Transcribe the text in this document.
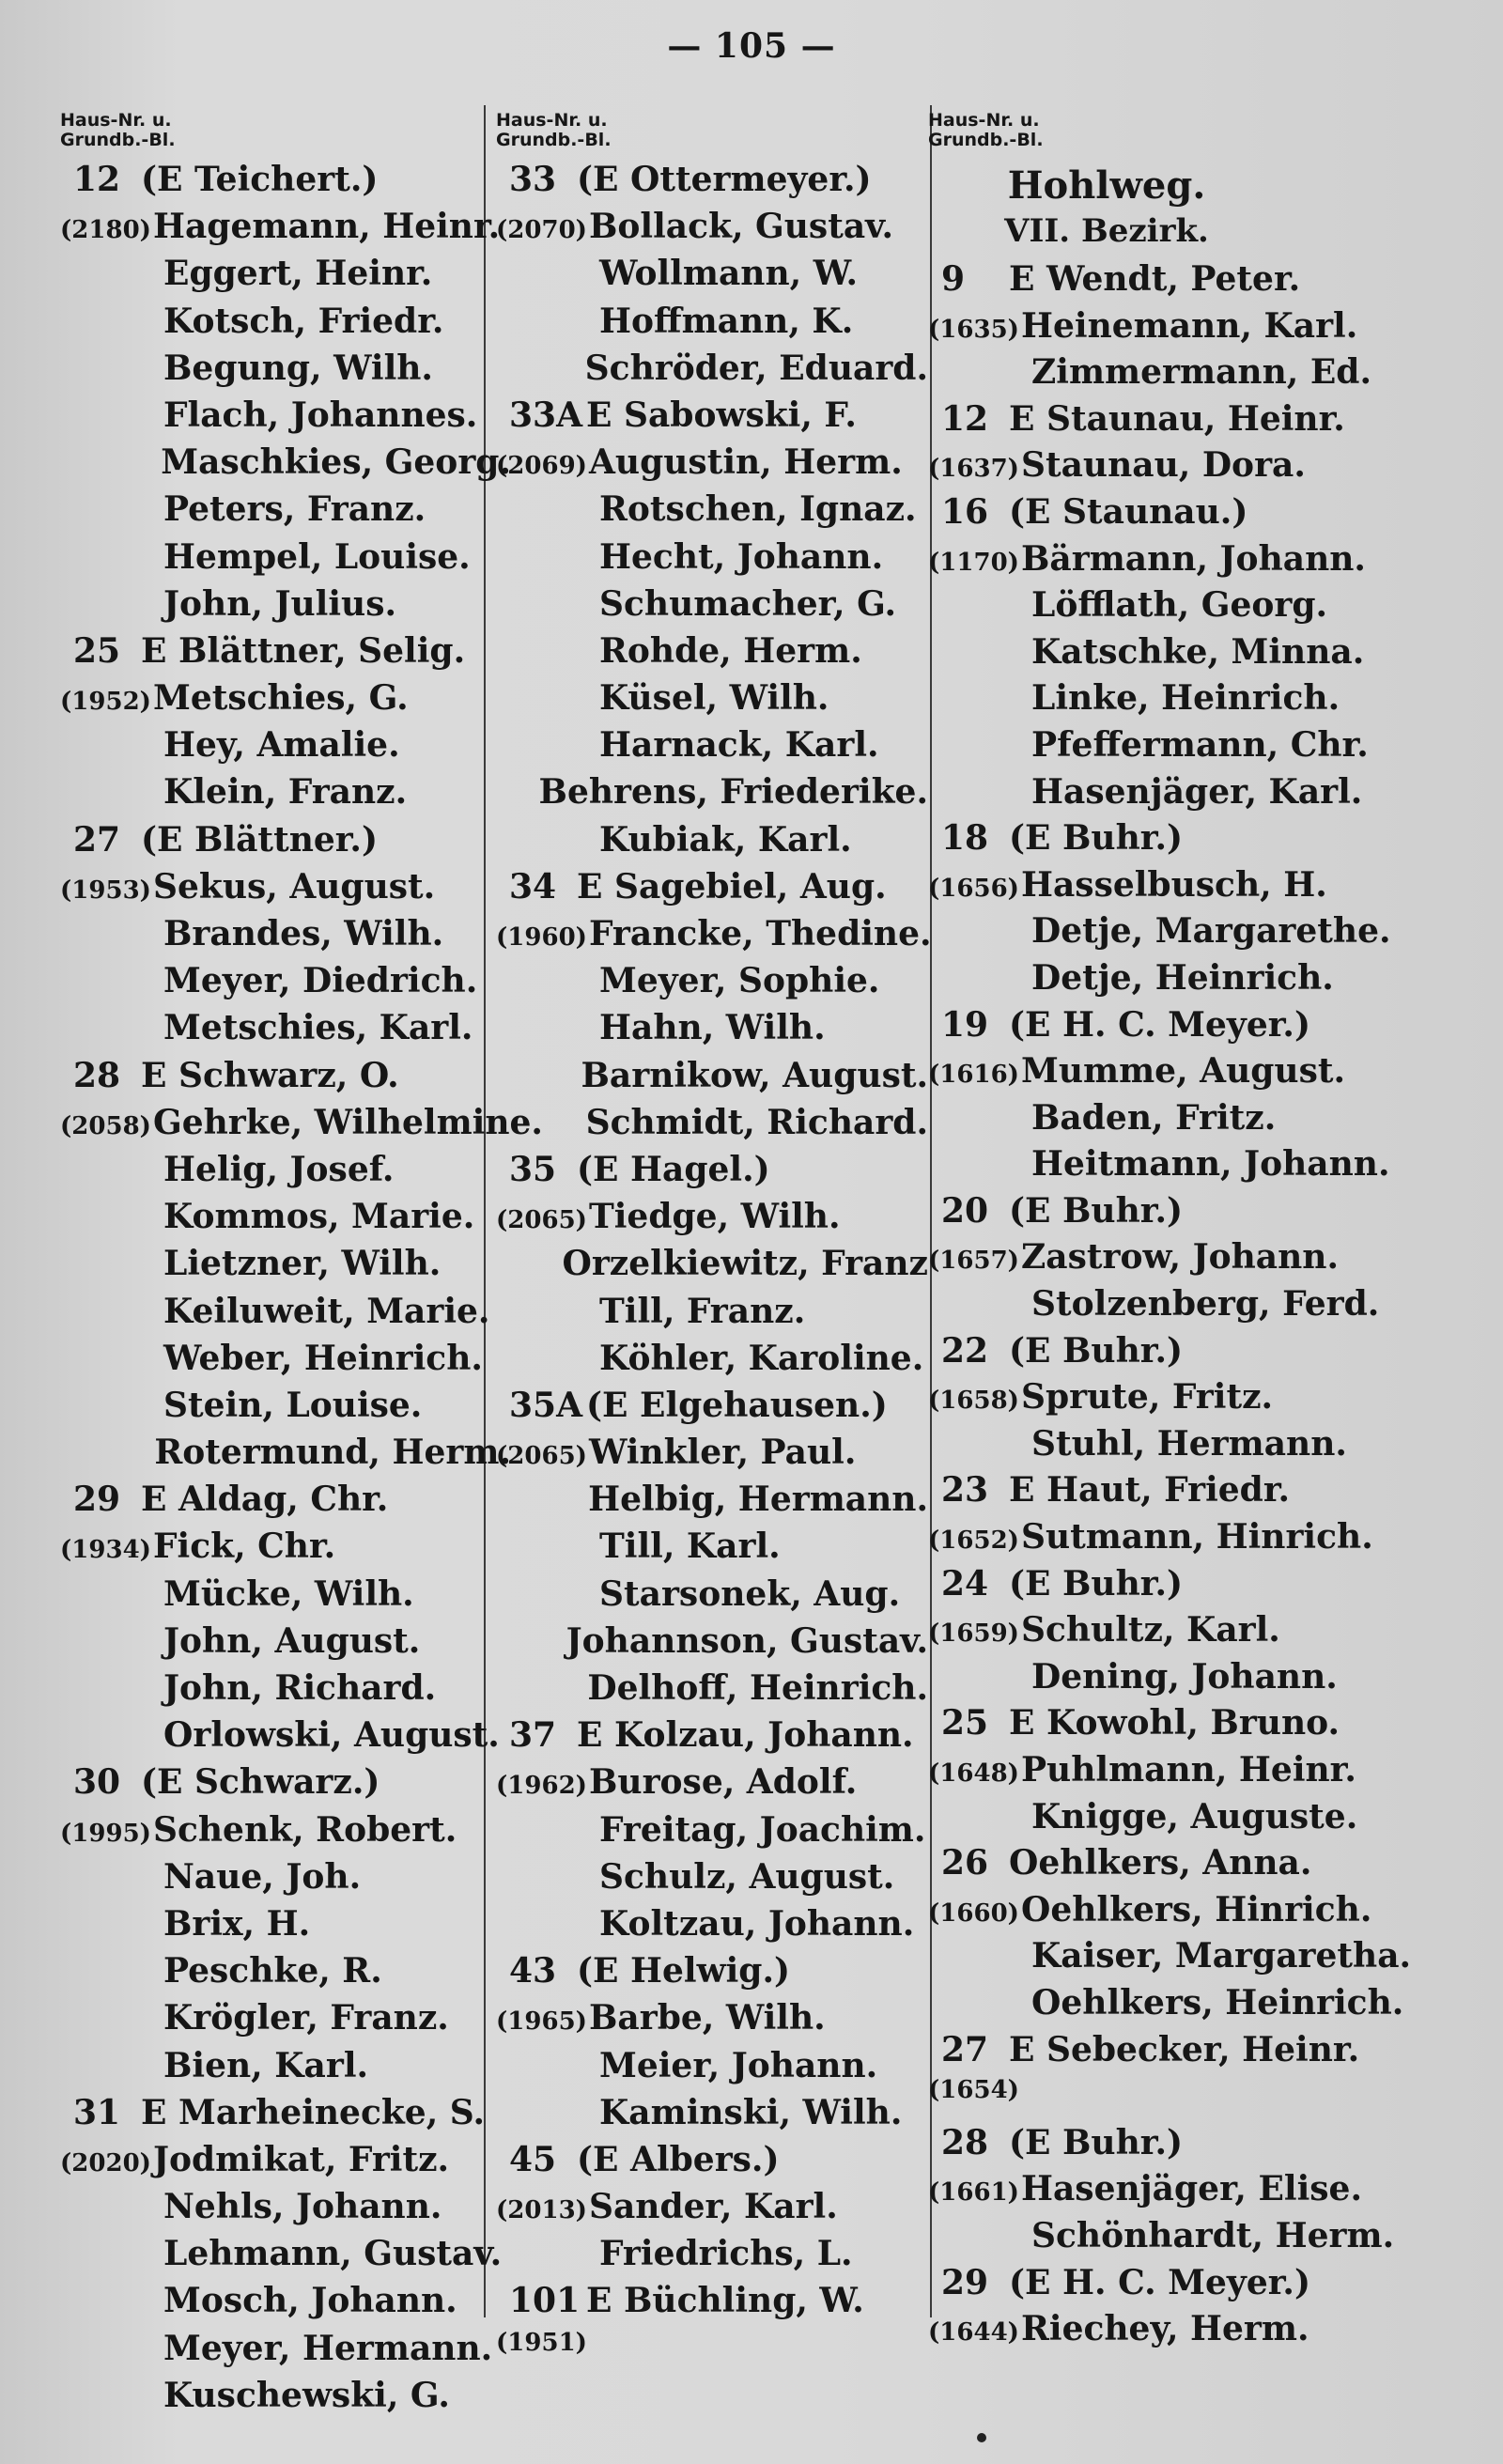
— 105 —
Haus-Nr. u.
Grundb.-Bl.
12 (E Teichert.)
(2180) Hagemann, Heinr.
Eggert, Heinr.
Kotsch, Friedr.
Begung, Wilh.
Flach, Johannes.
Maschkies, Georg.
Peters, Franz.
Hempel, Louise.
John, Julius.
25 E Blättner, Selig.
(1952) Metschies, G.
Hey, Amalie.
Klein, Franz.
27 (E Blättner.)
(1953) Sekus, August.
Brandes, Wilh.
Meyer, Diedrich.
Metschies, Karl.
28 E Schwarz, O.
(2058) Gehrke, Wilhelmine.
Helig, Josef.
Kommos, Marie.
Lietzner, Wilh.
Keiluweit, Marie.
Weber, Heinrich.
Stein, Louise.
Rotermund, Herm.
29 E Aldag, Chr.
(1934) Fick, Chr.
Mücke, Wilh.
John, August.
John, Richard.
Orlowski, August.
30 (E Schwarz.)
(1995) Schenk, Robert.
Naue, Joh.
Brix, H.
Peschke, R.
Krögler, Franz.
Bien, Karl.
31 E Marheinecke, S.
(2020) Jodmikat, Fritz.
Nehls, Johann.
Lehmann, Gustav.
Mosch, Johann.
Meyer, Hermann.
Kuschewski, G.
Haus-Nr. u.
Grundb.-Bl.
33 (E Ottermeyer.)
(2070) Bollack, Gustav.
Wollmann, W.
Hoffmann, K.
Schröder, Eduard.
33A E Sabowski, F.
(2069) Augustin, Herm.
Rotschen, Ignaz.
Hecht, Johann.
Schumacher, G.
Rohde, Herm.
Küsel, Wilh.
Harnack, Karl.
Behrens, Friederike.
Kubiak, Karl.
34 E Sagebiel, Aug.
(1960) Francke, Thedine.
Meyer, Sophie.
Hahn, Wilh.
Barnikow, August.
Schmidt, Richard.
35 (E Hagel.)
(2065) Tiedge, Wilh.
Orzelkiewitz, Franz
Till, Franz.
Köhler, Karoline.
35A (E Elgehausen.)
(2065) Winkler, Paul.
Helbig, Hermann.
Till, Karl.
Starsonek, Aug.
Johannson, Gustav.
Delhoff, Heinrich.
37 E Kolzau, Johann.
(1962) Burose, Adolf.
Freitag, Joachim.
Schulz, August.
Koltzau, Johann.
43 (E Helwig.)
(1965) Barbe, Wilh.
Meier, Johann.
Kaminski, Wilh.
45 (E Albers.)
(2013) Sander, Karl.
Friedrichs, L.
101 E Büchling, W.
(1951)
Haus-Nr. u.
Grundb.-Bl.
Hohlweg.
VII. Bezirk.
9	E Wendt, Peter.
(1635) Heinemann, Karl.
Zimmermann, Ed.
12 E Staunau, Heinr.
(1637) Staunau, Dora.
16 (E Staunau.)
(1170) Bärmann, Johann.
Löfflath, Georg.
Katschke, Minna.
Linke, Heinrich.
Pfeffermann, Chr.
Hasenjäger, Karl.
18 (E Buhr.)
(1656) Hasselbusch, H.
Detje, Margarethe.
Detje, Heinrich.
19 (E H. C. Meyer.)
(1616) Mumme, August.
Baden, Fritz.
Heitmann, Johann.
20 (E Buhr.)
(1657) Zastrow, Johann.
Stolzenberg, Ferd.
22 (E Buhr.)
(1658) Sprute, Fritz.
Stuhl, Hermann.
23 E Haut, Friedr.
(1652) Sutmann, Hinrich.
24 (E Buhr.)
(1659) Schultz, Karl.
Dening, Johann.
25 E Kowohl, Bruno.
(1648) Puhlmann, Heinr.
Knigge, Auguste.
26 Oehlkers, Anna.
(1660) Oehlkers, Hinrich.
Kaiser, Margaretha.
Oehlkers, Heinrich.
27 E Sebecker, Heinr.
(1654)
28 (E Buhr.)
(1661) Hasenjäger, Elise.
Schönhardt, Herm.
29 (E H. C. Meyer.)
(1644) Riechey, Herm.
